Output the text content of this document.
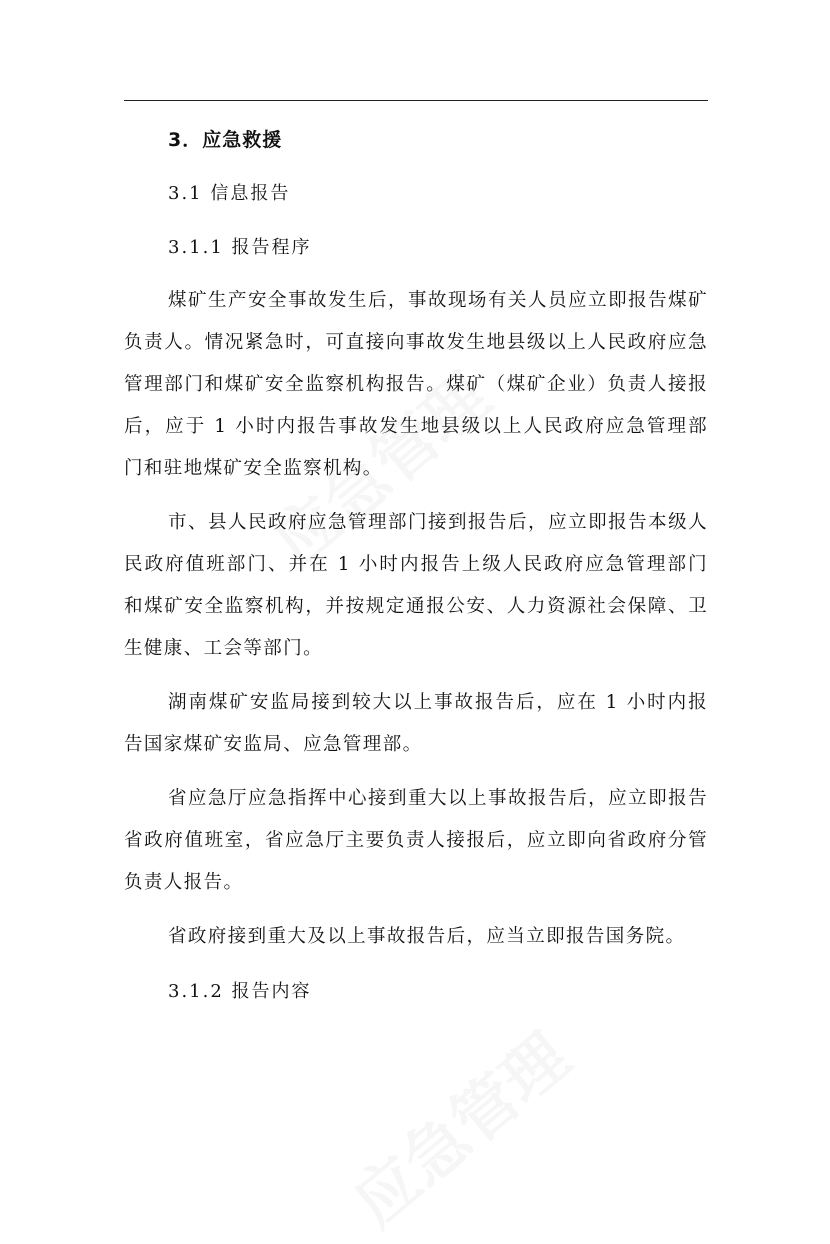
3．应急救援
3.1 信息报告
3.1.1 报告程序

煤矿生产安全事故发生后，事故现场有关人员应立即报告煤矿负责人。情况紧急时，可直接向事故发生地县级以上人民政府应急管理部门和煤矿安全监察机构报告。煤矿（煤矿企业）负责人接报后，应于 1 小时内报告事故发生地县级以上人民政府应急管理部门和驻地煤矿安全监察机构。

市、县人民政府应急管理部门接到报告后，应立即报告本级人民政府值班部门、并在 1 小时内报告上级人民政府应急管理部门和煤矿安全监察机构，并按规定通报公安、人力资源社会保障、卫生健康、工会等部门。

湖南煤矿安监局接到较大以上事故报告后，应在 1 小时内报告国家煤矿安监局、应急管理部。

省应急厅应急指挥中心接到重大以上事故报告后，应立即报告省政府值班室，省应急厅主要负责人接报后，应立即向省政府分管负责人报告。

省政府接到重大及以上事故报告后，应当立即报告国务院。

3.1.2 报告内容
